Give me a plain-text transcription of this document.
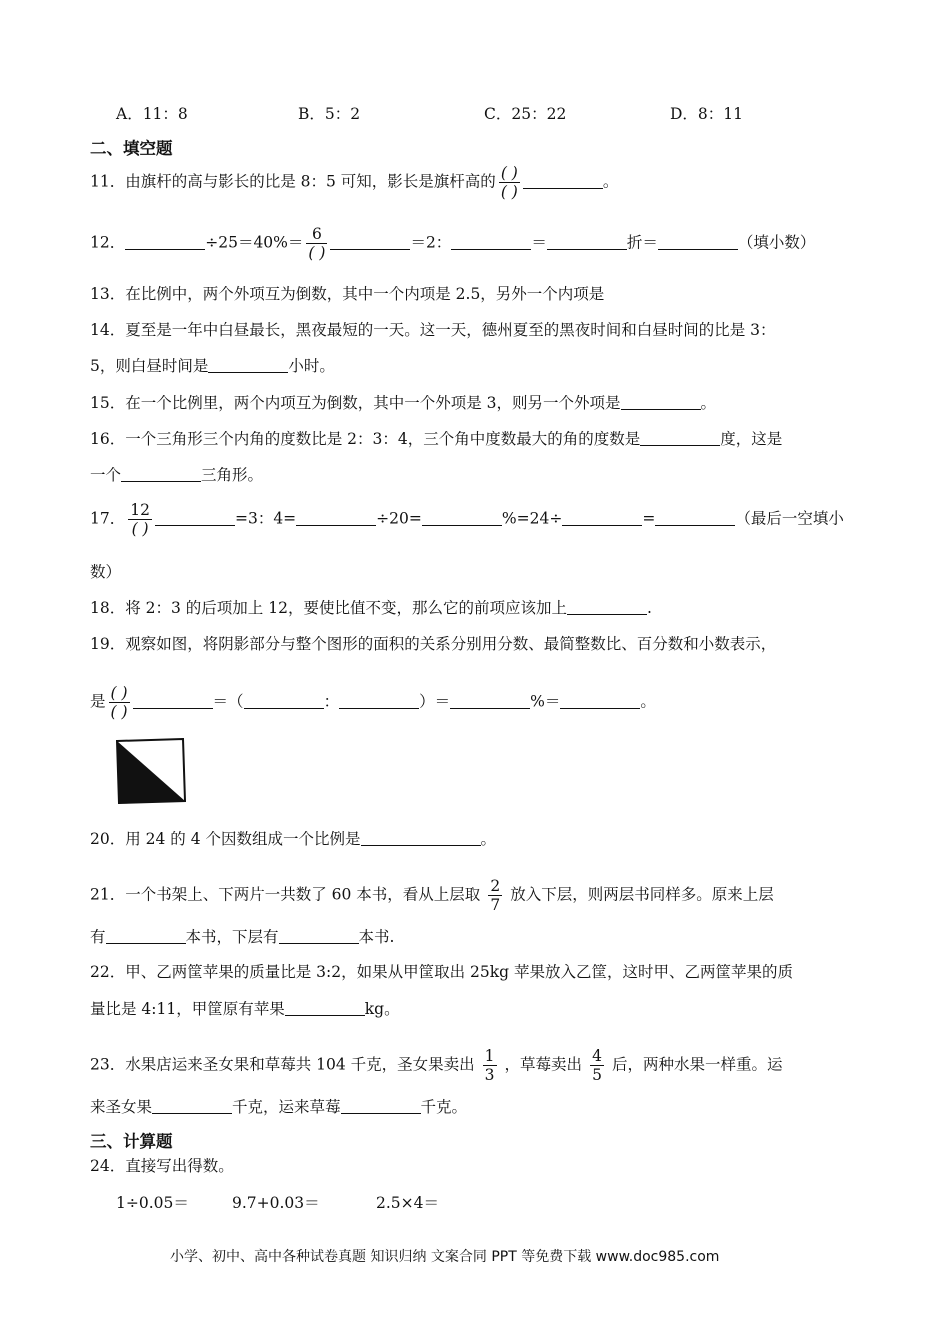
A．11：8	B．5：2	C．25：22	D．8：11
二、填空题
11．由旗杆的高与影长的比是 8：5 可知，影长是旗杆高的 ( )
( )
。
12．	÷25＝40%＝ 6
( )
＝2：	＝	折＝	（填小数）
13．在比例中，两个外项互为倒数，其中一个内项是 2.5，另外一个内项是
14．夏至是一年中白昼最长，黑夜最短的一天。这一天，德州夏至的黑夜时间和白昼时间的比是 3：
5，则白昼时间是	小时。
15．在一个比例里，两个内项互为倒数，其中一个外项是 3，则另一个外项是	。
16．一个三角形三个内角的度数比是 2：3：4，三个角中度数最大的角的度数是	度，这是
一个	三角形。
17． 12
( )
=3：4=	÷20=	%=24÷	=	（最后一空填小
数）
18．将 2：3 的后项加上 12，要使比值不变，那么它的前项应该加上	.
19．观察如图，将阴影部分与整个图形的面积的关系分别用分数、最简整数比、百分数和小数表示，
是 ( )
( )
＝（	：	）＝	%＝	。
20．用 24 的 4 个因数组成一个比例是	。
21．一个书架上、下两片一共数了 60 本书，看从上层取 $\frac{2}{7}$ 放入下层，则两层书同样多。原来上层
有	本书，下层有	本书.
22．甲、乙两筐苹果的质量比是 3:2，如果从甲筐取出 25kg 苹果放入乙筐，这时甲、乙两筐苹果的质
量比是 4:11，甲筐原有苹果	kg。
23．水果店运来圣女果和草莓共 104 千克，圣女果卖出 $\frac{1}{3}$ ，草莓卖出 $\frac{4}{5}$ 后，两种水果一样重。运
来圣女果	千克，运来草莓	千克。
三、计算题
24．直接写出得数。
1÷0.05＝	9.7+0.03＝	2.5×4＝
小学、初中、高中各种试卷真题 知识归纳 文案合同 PPT 等免费下载 www.doc985.com
